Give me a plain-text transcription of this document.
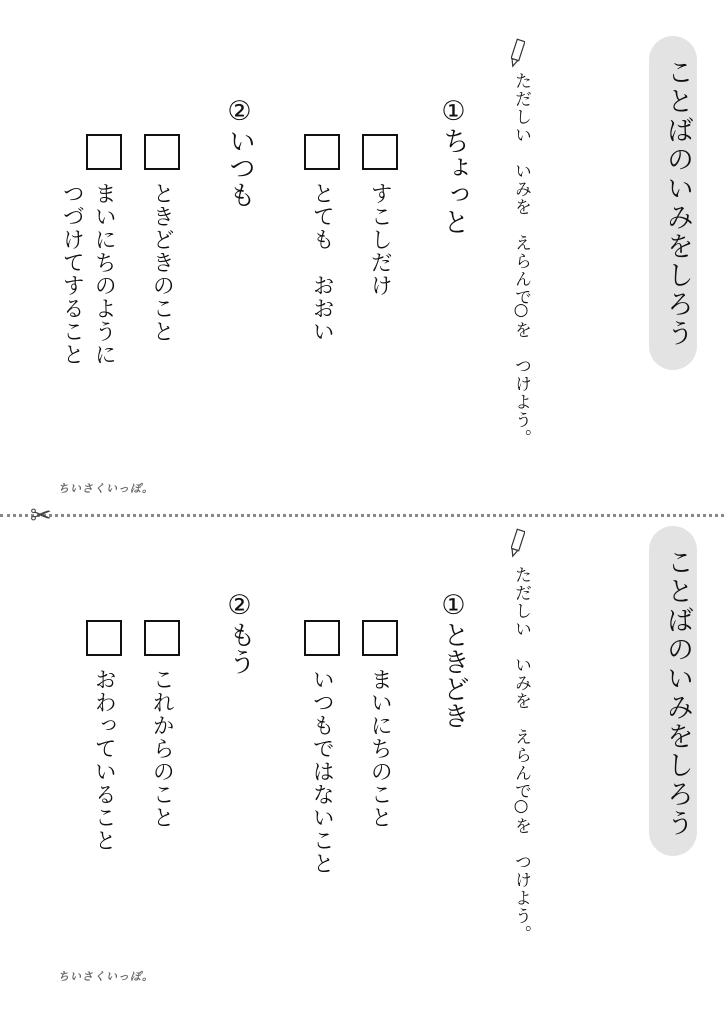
ことばのいみをしろう
ただしい　いみを　えらんで
○を　つけよう。
①ちょっと
すこしだけ
とても　おおい
②いつも
ときどきのこと
まいにちのように
つづけてすること
ちいさくいっぽ。
✂
ことばのいみをしろう
ただしい　いみを　えらんで
○を　つけよう。
①ときどき
まいにちのこと
いつもではないこと
②もう
これからのこと
おわっていること
ちいさくいっぽ。
